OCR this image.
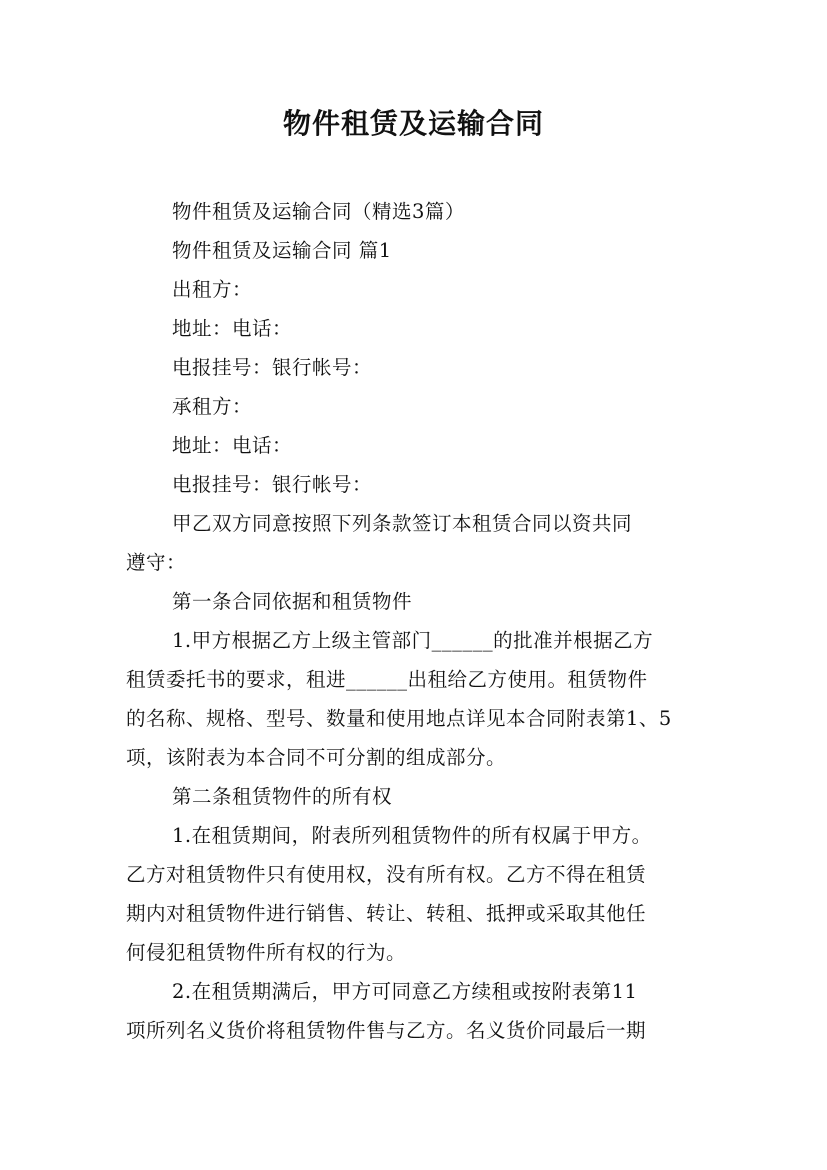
物件租赁及运输合同
物件租赁及运输合同（精选3篇）
物件租赁及运输合同 篇1
出租方：
地址：电话：
电报挂号：银行帐号：
承租方：
地址：电话：
电报挂号：银行帐号：
甲乙双方同意按照下列条款签订本租赁合同以资共同
遵守：
第一条合同依据和租赁物件
1.甲方根据乙方上级主管部门______的批准并根据乙方
租赁委托书的要求，租进______出租给乙方使用。租赁物件
的名称、规格、型号、数量和使用地点详见本合同附表第1、5
项，该附表为本合同不可分割的组成部分。
第二条租赁物件的所有权
1.在租赁期间，附表所列租赁物件的所有权属于甲方。
乙方对租赁物件只有使用权，没有所有权。乙方不得在租赁
期内对租赁物件进行销售、转让、转租、抵押或采取其他任
何侵犯租赁物件所有权的行为。
2.在租赁期满后，甲方可同意乙方续租或按附表第11
项所列名义货价将租赁物件售与乙方。名义货价同最后一期
